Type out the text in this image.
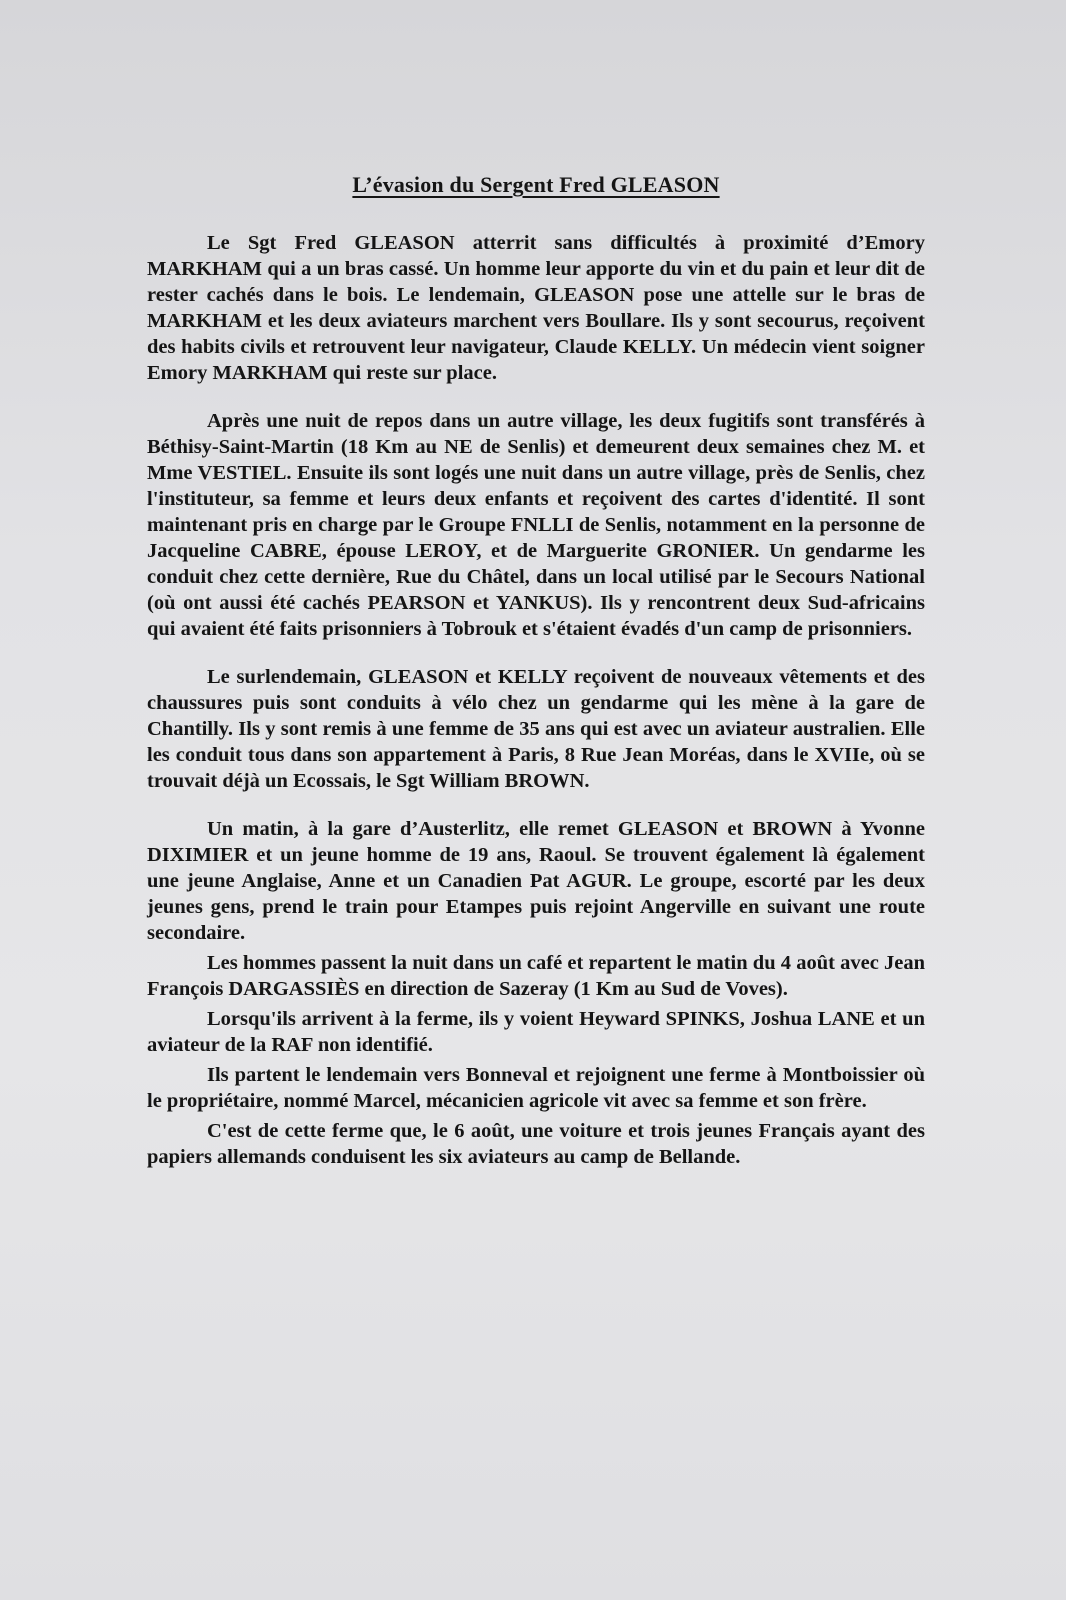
L’évasion du Sergent Fred GLEASON

Le Sgt Fred GLEASON atterrit sans difficultés à proximité d’Emory MARKHAM qui a un bras cassé. Un homme leur apporte du vin et du pain et leur dit de rester cachés dans le bois. Le lendemain, GLEASON pose une attelle sur le bras de MARKHAM et les deux aviateurs marchent vers Boullare. Ils y sont secourus, reçoivent des habits civils et retrouvent leur navigateur, Claude KELLY. Un médecin vient soigner Emory MARKHAM qui reste sur place.

Après une nuit de repos dans un autre village, les deux fugitifs sont transférés à Béthisy-Saint-Martin (18 Km au NE de Senlis) et demeurent deux semaines chez M. et Mme VESTIEL. Ensuite ils sont logés une nuit dans un autre village, près de Senlis, chez l'instituteur, sa femme et leurs deux enfants et reçoivent des cartes d'identité. Il sont maintenant pris en charge par le Groupe FNLLI de Senlis, notamment en la personne de Jacqueline CABRE, épouse LEROY, et de Marguerite GRONIER. Un gendarme les conduit chez cette dernière, Rue du Châtel, dans un local utilisé par le Secours National (où ont aussi été cachés PEARSON et YANKUS). Ils y rencontrent deux Sud-africains qui avaient été faits prisonniers à Tobrouk et s'étaient évadés d'un camp de prisonniers.

Le surlendemain, GLEASON et KELLY reçoivent de nouveaux vêtements et des chaussures puis sont conduits à vélo chez un gendarme qui les mène à la gare de Chantilly. Ils y sont remis à une femme de 35 ans qui est avec un aviateur australien. Elle les conduit tous dans son appartement à Paris, 8 Rue Jean Moréas, dans le XVIIe, où se trouvait déjà un Ecossais, le Sgt William BROWN.

Un matin, à la gare d’Austerlitz, elle remet GLEASON et BROWN à Yvonne DIXIMIER et un jeune homme de 19 ans, Raoul. Se trouvent également là également une jeune Anglaise, Anne et un Canadien Pat AGUR. Le groupe, escorté par les deux jeunes gens, prend le train pour Etampes puis rejoint Angerville en suivant une route secondaire.

Les hommes passent la nuit dans un café et repartent le matin du 4 août avec Jean François DARGASSIÈS en direction de Sazeray (1 Km au Sud de Voves).

Lorsqu'ils arrivent à la ferme, ils y voient Heyward SPINKS, Joshua LANE et un aviateur de la RAF non identifié.

Ils partent le lendemain vers Bonneval et rejoignent une ferme à Montboissier où le propriétaire, nommé Marcel, mécanicien agricole vit avec sa femme et son frère.

C'est de cette ferme que, le 6 août, une voiture et trois jeunes Français ayant des papiers allemands conduisent les six aviateurs au camp de Bellande.
